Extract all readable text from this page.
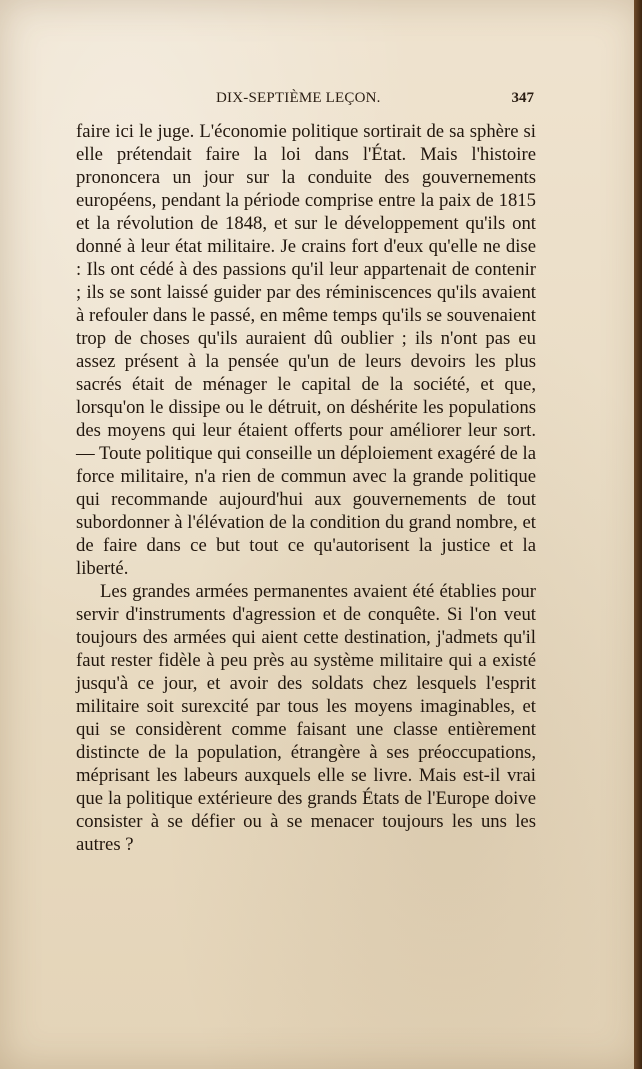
DIX-SEPTIÈME LEÇON.	347

faire ici le juge. L'économie politique sortirait de sa sphère si elle prétendait faire la loi dans l'État. Mais l'histoire prononcera un jour sur la conduite des gouvernements européens, pendant la période comprise entre la paix de 1815 et la révolution de 1848, et sur le développement qu'ils ont donné à leur état militaire. Je crains fort d'eux qu'elle ne dise : Ils ont cédé à des passions qu'il leur appartenait de contenir ; ils se sont laissé guider par des réminiscences qu'ils avaient à refouler dans le passé, en même temps qu'ils se souvenaient trop de choses qu'ils auraient dû oublier ; ils n'ont pas eu assez présent à la pensée qu'un de leurs devoirs les plus sacrés était de ménager le capital de la société, et que, lorsqu'on le dissipe ou le détruit, on déshérite les populations des moyens qui leur étaient offerts pour améliorer leur sort. — Toute politique qui conseille un déploiement exagéré de la force militaire, n'a rien de commun avec la grande politique qui recommande aujourd'hui aux gouvernements de tout subordonner à l'élévation de la condition du grand nombre, et de faire dans ce but tout ce qu'autorisent la justice et la liberté.

Les grandes armées permanentes avaient été établies pour servir d'instruments d'agression et de conquête. Si l'on veut toujours des armées qui aient cette destination, j'admets qu'il faut rester fidèle à peu près au système militaire qui a existé jusqu'à ce jour, et avoir des soldats chez lesquels l'esprit militaire soit surexcité par tous les moyens imaginables, et qui se considèrent comme faisant une classe entièrement distincte de la population, étrangère à ses préoccupations, méprisant les labeurs auxquels elle se livre. Mais est-il vrai que la politique extérieure des grands États de l'Europe doive consister à se défier ou à se menacer toujours les uns les autres ?
